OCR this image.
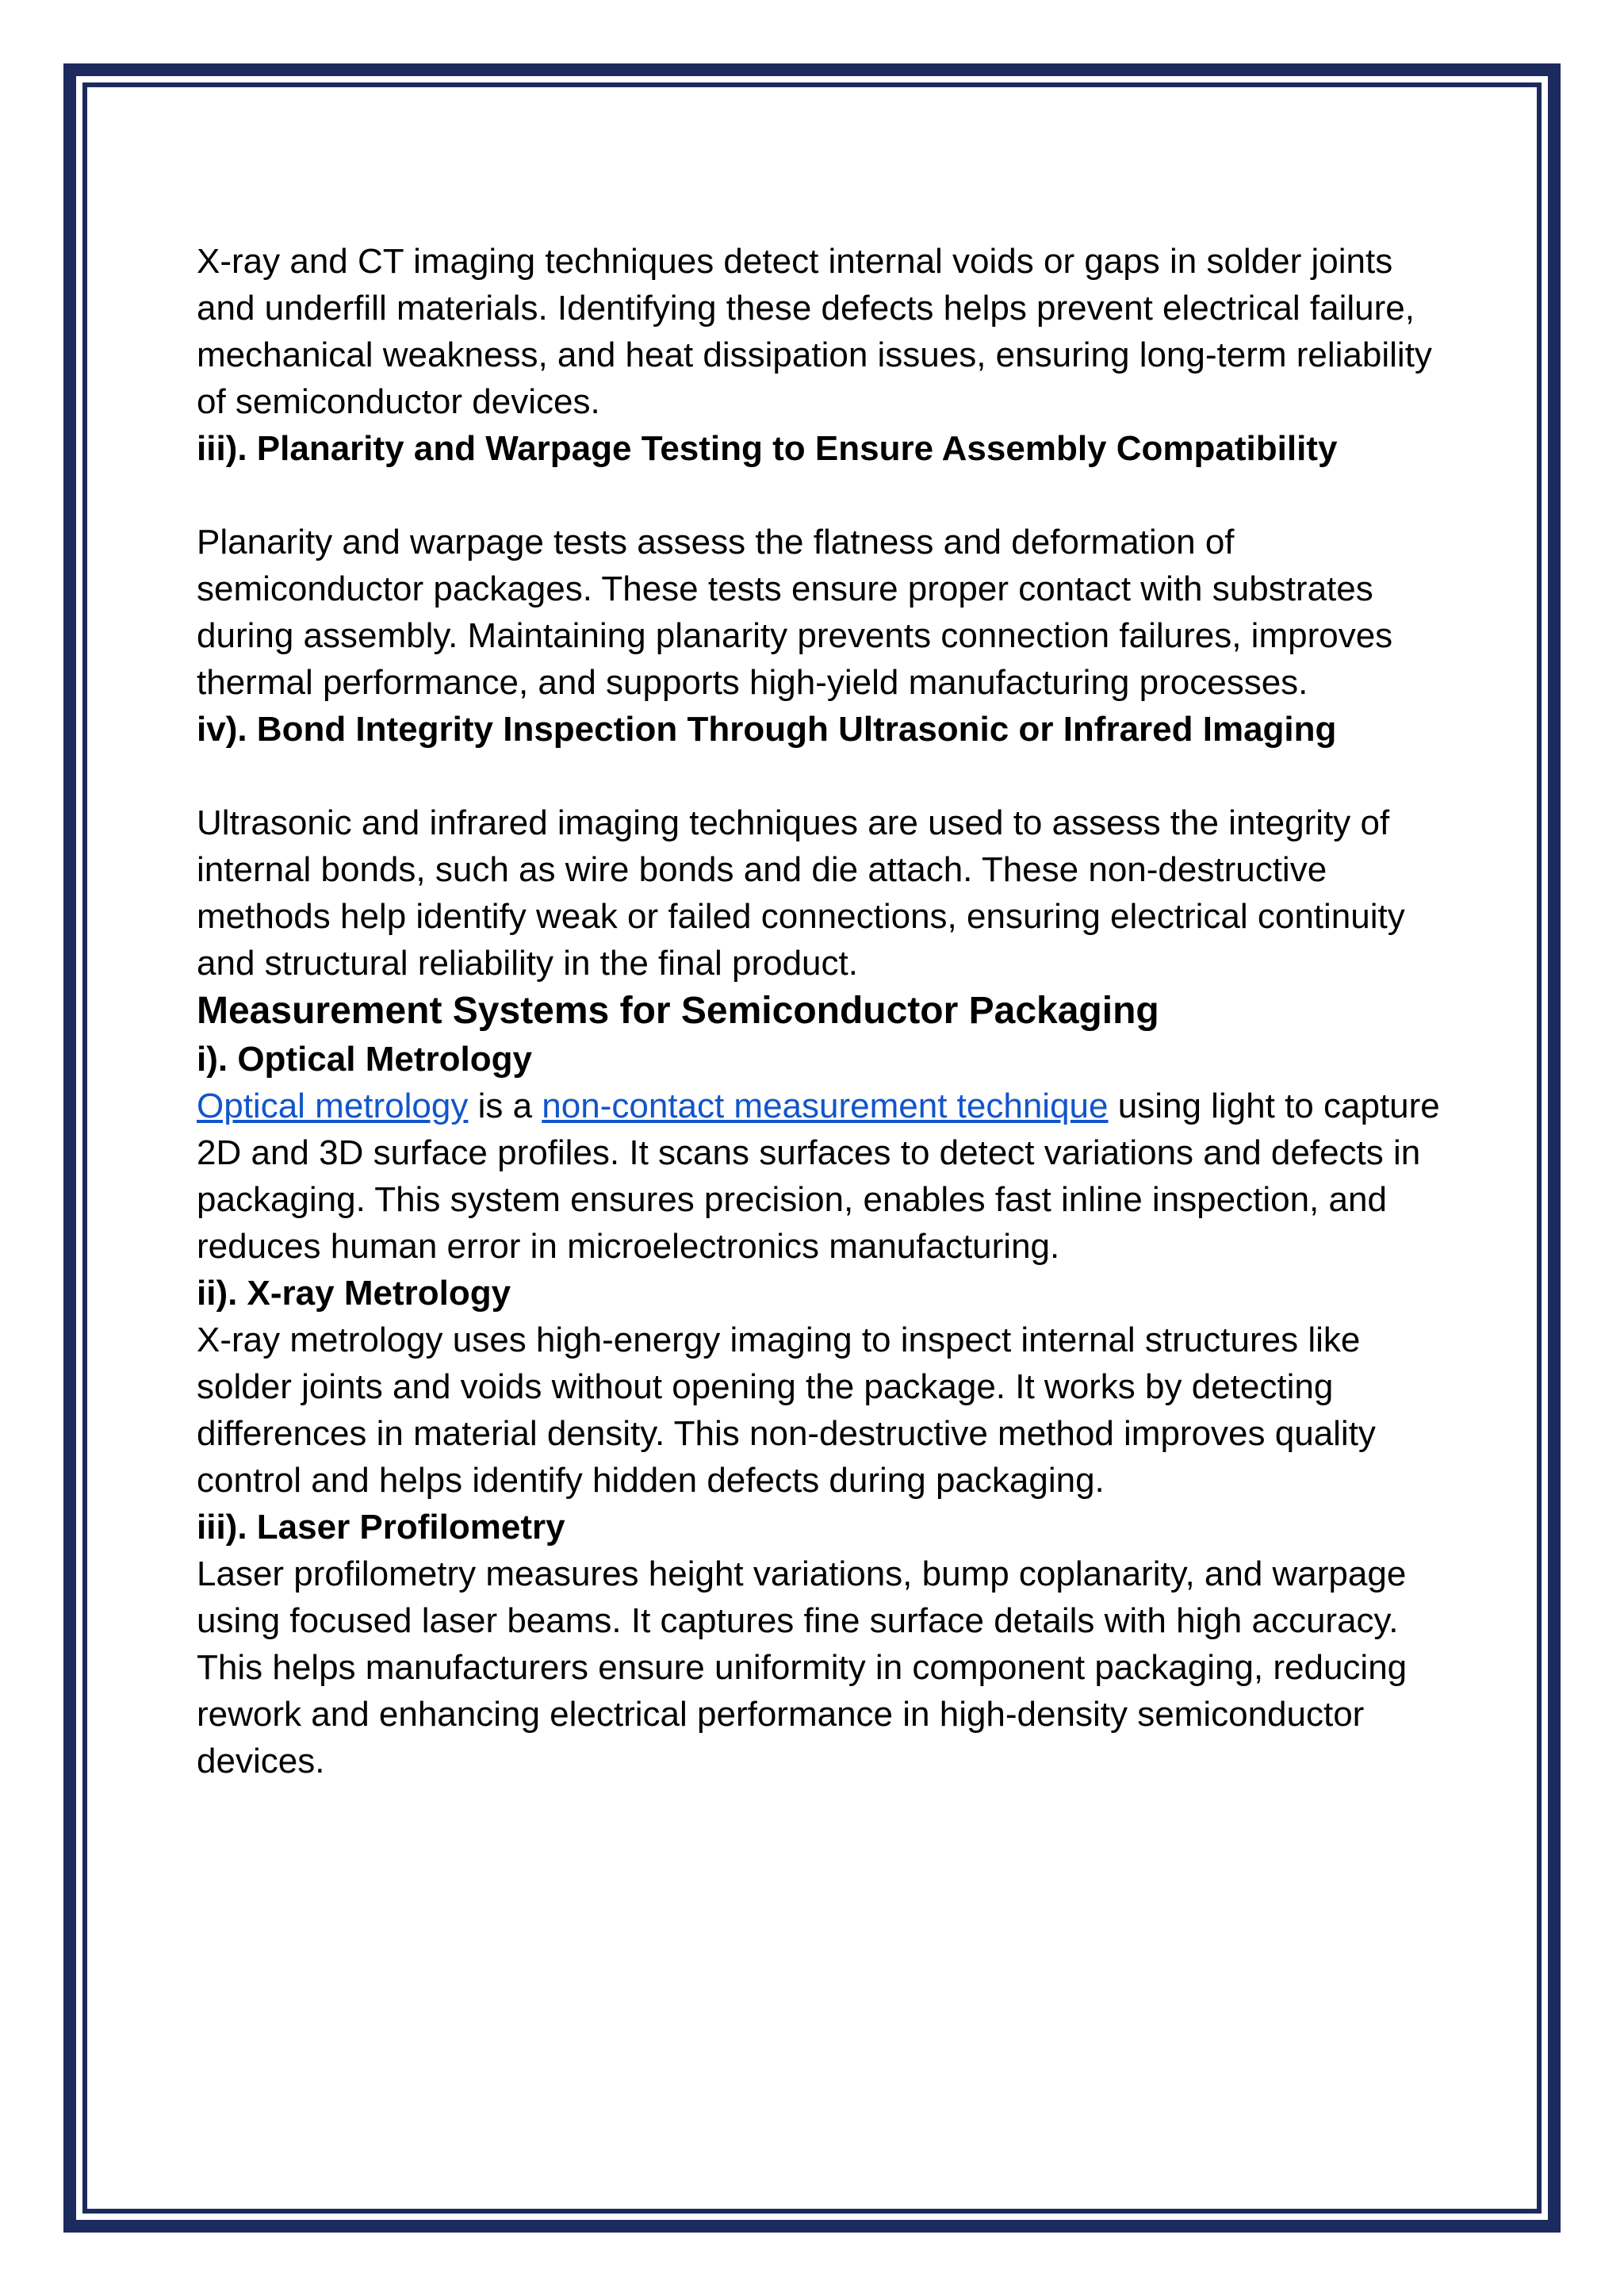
X-ray and CT imaging techniques detect internal voids or gaps in solder joints and underfill materials. Identifying these defects helps prevent electrical failure, mechanical weakness, and heat dissipation issues, ensuring long-term reliability of semiconductor devices.

iii). Planarity and Warpage Testing to Ensure Assembly Compatibility

Planarity and warpage tests assess the flatness and deformation of semiconductor packages. These tests ensure proper contact with substrates during assembly. Maintaining planarity prevents connection failures, improves thermal performance, and supports high-yield manufacturing processes.

iv). Bond Integrity Inspection Through Ultrasonic or Infrared Imaging

Ultrasonic and infrared imaging techniques are used to assess the integrity of internal bonds, such as wire bonds and die attach. These non-destructive methods help identify weak or failed connections, ensuring electrical continuity and structural reliability in the final product.

Measurement Systems for Semiconductor Packaging

i). Optical Metrology

Optical metrology is a non-contact measurement technique using light to capture 2D and 3D surface profiles. It scans surfaces to detect variations and defects in packaging. This system ensures precision, enables fast inline inspection, and reduces human error in microelectronics manufacturing.

ii). X-ray Metrology

X-ray metrology uses high-energy imaging to inspect internal structures like solder joints and voids without opening the package. It works by detecting differences in material density. This non-destructive method improves quality control and helps identify hidden defects during packaging.

iii). Laser Profilometry

Laser profilometry measures height variations, bump coplanarity, and warpage using focused laser beams. It captures fine surface details with high accuracy. This helps manufacturers ensure uniformity in component packaging, reducing rework and enhancing electrical performance in high-density semiconductor devices.
